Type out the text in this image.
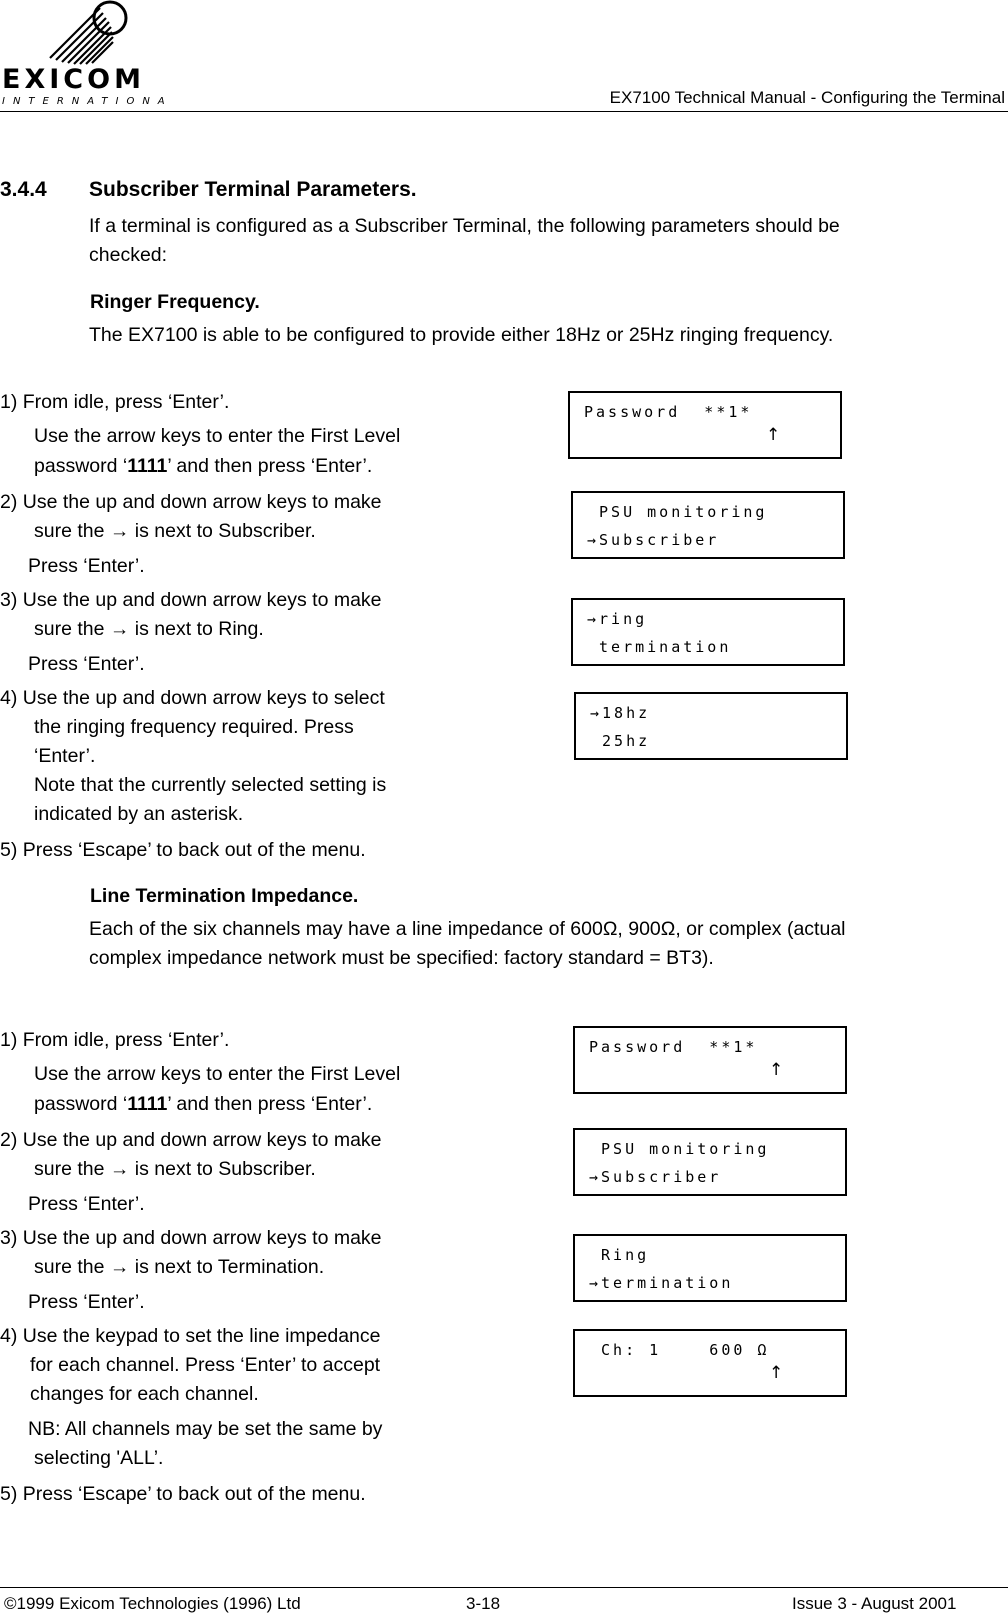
EXICOM
INTERNATIONAL	EX7100 Technical Manual - Configuring the Terminal
3.4.4 Subscriber Terminal Parameters.
If a terminal is configured as a Subscriber Terminal, the following parameters should be
checked:
Ringer Frequency.
The EX7100 is able to be configured to provide either 18Hz or 25Hz ringing frequency.
1) From idle, press ‘Enter’.
Use the arrow keys to enter the First Level
password ‘1111’ and then press ‘Enter’.
2) Use the up and down arrow keys to make
sure the → is next to Subscriber.
Press ‘Enter’.
3) Use the up and down arrow keys to make
sure the → is next to Ring.
Press ‘Enter’.
4) Use the up and down arrow keys to select
the ringing frequency required. Press
‘Enter’.
Note that the currently selected setting is
indicated by an asterisk.
5) Press ‘Escape’ to back out of the menu.

Password  **1*

↑

PSU monitoring

→Subscriber

→ring

termination

→18hz

25hz

Line Termination Impedance.
Each of the six channels may have a line impedance of 600Ω, 900Ω, or complex (actual
complex impedance network must be specified: factory standard = BT3).
1) From idle, press ‘Enter’.
Use the arrow keys to enter the First Level
password ‘1111’ and then press ‘Enter’.
2) Use the up and down arrow keys to make
sure the → is next to Subscriber.
Press ‘Enter’.
3) Use the up and down arrow keys to make
sure the → is next to Termination.
Press ‘Enter’.
4) Use the keypad to set the line impedance
for each channel. Press ‘Enter’ to accept
changes for each channel.
NB: All channels may be set the same by
selecting 'ALL’.
5) Press ‘Escape’ to back out of the menu.

Password  **1*

↑

PSU monitoring

→Subscriber

Ring

→termination

Ch: 1    600 Ω

↑

©1999 Exicom Technologies (1996) Ltd	3-18	Issue 3 - August 2001
